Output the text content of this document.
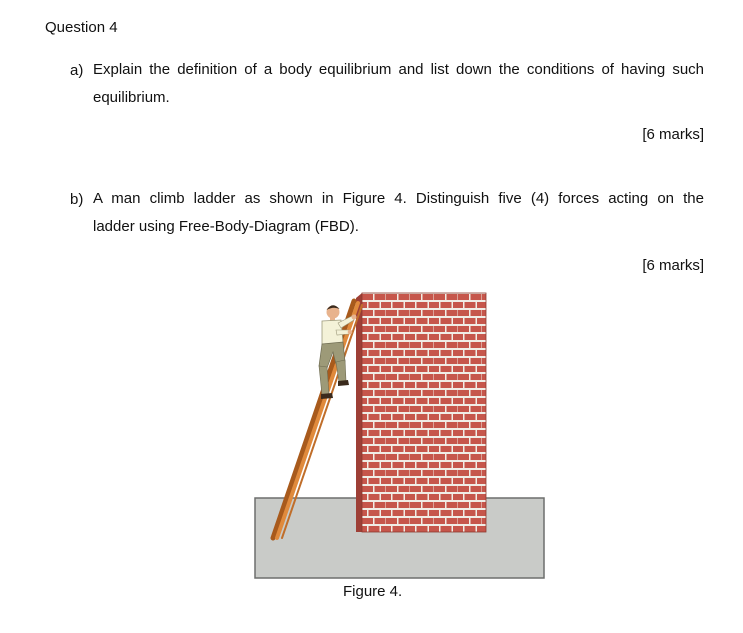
Question 4
a) Explain the definition of a body equilibrium and list down the conditions of having such
equilibrium.
[6 marks]
b) A man climb ladder as shown in Figure 4. Distinguish five (4) forces acting on the
ladder using Free-Body-Diagram (FBD).
[6 marks]
Figure 4.
